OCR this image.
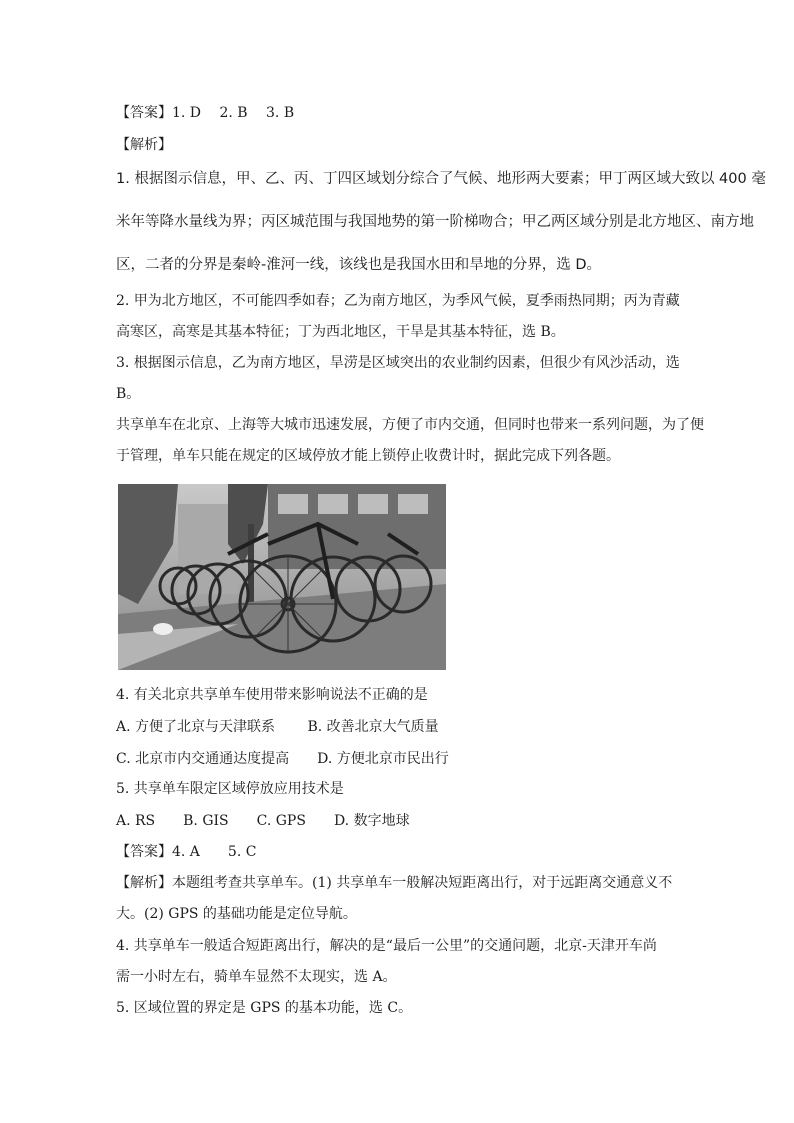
【答案】1. D　 2. B　 3. B
【解析】
1. 根据图示信息，甲、乙、丙、丁四区域划分综合了气候、地形两大要素；甲丁两区域大致以 400 毫
米年等降水量线为界；丙区城范围与我国地势的第一阶梯吻合；甲乙两区域分别是北方地区、南方地
区，二者的分界是秦岭-淮河一线，该线也是我国水田和旱地的分界，选 D。
2. 甲为北方地区，不可能四季如春；乙为南方地区，为季风气候，夏季雨热同期；丙为青藏
高寒区，高寒是其基本特征；丁为西北地区，干旱是其基本特征，选 B。
3. 根据图示信息，乙为南方地区，旱涝是区域突出的农业制约因素，但很少有风沙活动，选
B。
共享单车在北京、上海等大城市迅速发展，方便了市内交通，但同时也带来一系列问题，为了便
于管理，单车只能在规定的区域停放才能上锁停止收费计时，据此完成下列各题。
4. 有关北京共享单车使用带来影响说法不正确的是
A. 方便了北京与天津联系　　 B. 改善北京大气质量
C. 北京市内交通通达度提高　　D. 方便北京市民出行
5. 共享单车限定区域停放应用技术是
A. RS　　B. GIS　　C. GPS　　D. 数字地球
【答案】4. A　　5. C
【解析】本题组考查共享单车。(1) 共享单车一般解决短距离出行，对于远距离交通意义不
大。(2) GPS 的基础功能是定位导航。
4. 共享单车一般适合短距离出行，解决的是“最后一公里”的交通问题，北京-天津开车尚
需一小时左右，骑单车显然不太现实，选 A。
5. 区域位置的界定是 GPS 的基本功能，选 C。
